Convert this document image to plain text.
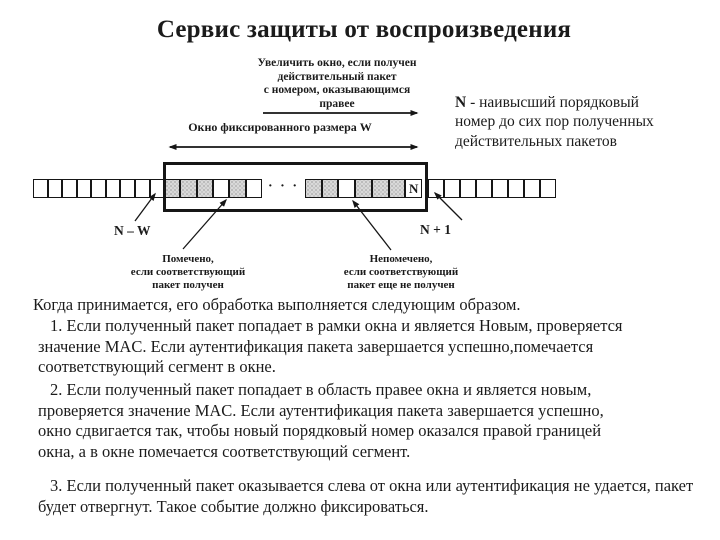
Сервис защиты от воспроизведения
Увеличить окно, если получен
действительный пакет
с номером, оказывающимся
правее
Окно фиксированного размера W
N - наивысший порядковый
номер до сих пор полученных
действительных пакетов
· · ·	N
N – W	N + 1
Помечено,
если соответствующий
пакет получен
Непомечено,
если соответствующий
пакет еще не получен
Когда принимается, его обработка выполняется следующим образом.
1. Если полученный пакет попадает в рамки окна и является Новым, проверяется
значение MAC. Если аутентификация пакета завершается успешно,помечается
соответствующий сегмент в окне.
2. Если полученный пакет попадает в область правее окна и является новым,
проверяется значение MAC. Если аутентификация пакета завершается успешно,
окно сдвигается так, чтобы новый порядковый номер оказался правой границей
окна, а в окне помечается соответствующий сегмент.
3. Если полученный пакет оказывается слева от окна или аутентификация не удается, пакет
будет отвергнут. Такое событие должно фиксироваться.
